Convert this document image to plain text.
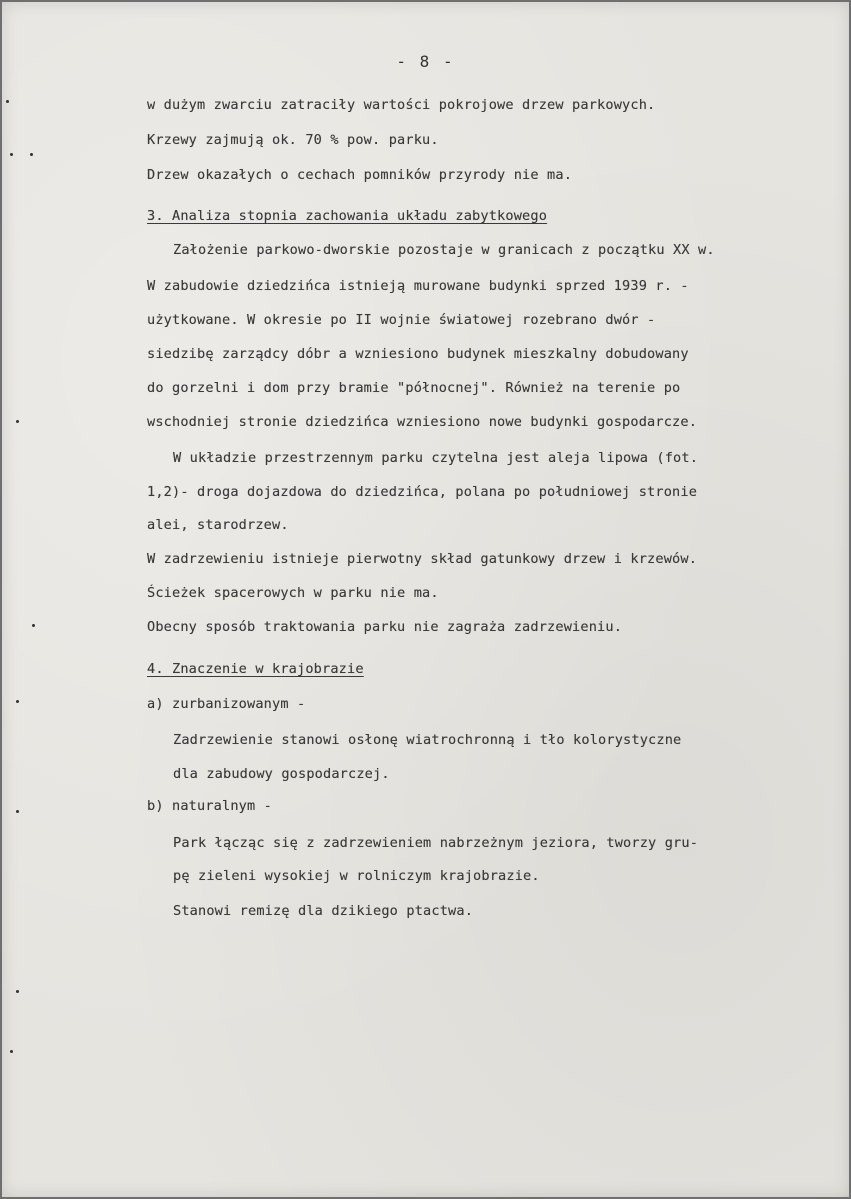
- 8 -
w dużym zwarciu zatraciły wartości pokrojowe drzew parkowych.
Krzewy zajmują ok. 70 % pow. parku.
Drzew okazałych o cechach pomników przyrody nie ma.
3. Analiza stopnia zachowania układu zabytkowego
Założenie parkowo-dworskie pozostaje w granicach z początku XX w.
W zabudowie dziedzińca istnieją murowane budynki sprzed 1939 r. -
użytkowane. W okresie po II wojnie światowej rozebrano dwór -
siedzibę zarządcy dóbr a wzniesiono budynek mieszkalny dobudowany
do gorzelni i dom przy bramie "północnej". Również na terenie po
wschodniej stronie dziedzińca wzniesiono nowe budynki gospodarcze.
W układzie przestrzennym parku czytelna jest aleja lipowa (fot.
1,2)- droga dojazdowa do dziedzińca, polana po południowej stronie
alei, starodrzew.
W zadrzewieniu istnieje pierwotny skład gatunkowy drzew i krzewów.
Ścieżek spacerowych w parku nie ma.
Obecny sposób traktowania parku nie zagraża zadrzewieniu.
4. Znaczenie w krajobrazie
a) zurbanizowanym -
Zadrzewienie stanowi osłonę wiatrochronną i tło kolorystyczne
dla zabudowy gospodarczej.
b) naturalnym -
Park łącząc się z zadrzewieniem nabrzeżnym jeziora, tworzy gru-
pę zieleni wysokiej w rolniczym krajobrazie.
Stanowi remizę dla dzikiego ptactwa.
